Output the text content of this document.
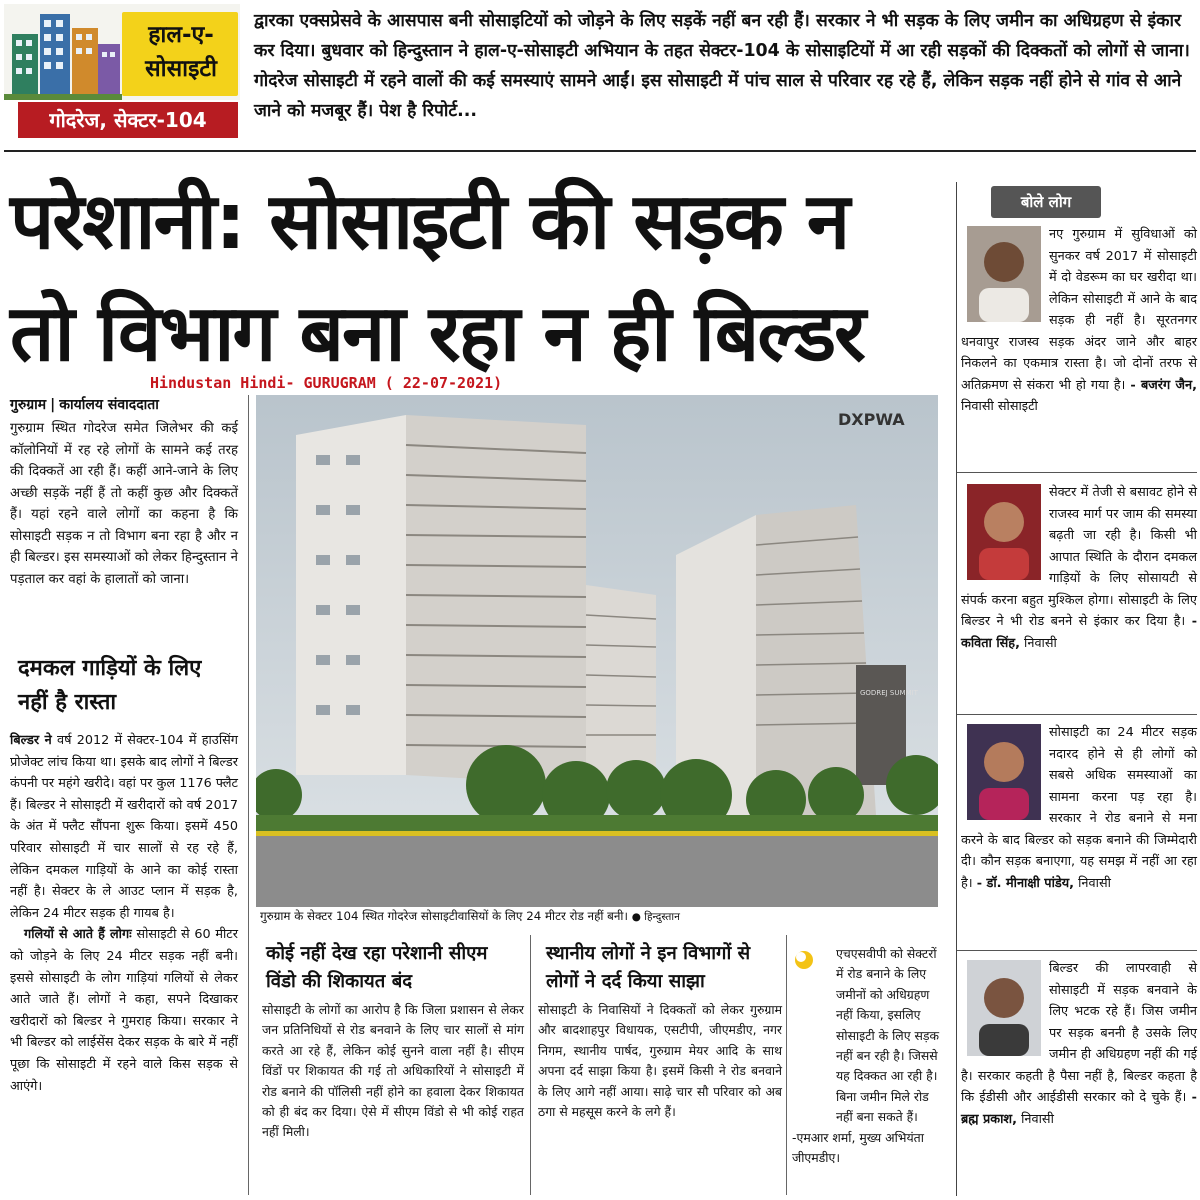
हाल-ए-सोसाइटी
गोदरेज, सेक्टर-104
द्वारका एक्सप्रेसवे के आसपास बनी सोसाइटियों को जोड़ने के लिए सड़कें नहीं बन रही हैं। सरकार ने भी सड़क के लिए जमीन का अधिग्रहण से इंकार कर दिया। बुधवार को हिन्दुस्तान ने हाल-ए-सोसाइटी अभियान के तहत सेक्टर-104 के सोसाइटियों में आ रही सड़कों की दिक्कतों को लोगों से जाना। गोदरेज सोसाइटी में रहने वालों की कई समस्याएं सामने आईं। इस सोसाइटी में पांच साल से परिवार रह रहे हैं, लेकिन सड़क नहीं होने से गांव से आने जाने को मजबूर हैं। पेश है रिपोर्ट...
परेशानी: सोसाइटी की सड़क न
तो विभाग बना रहा न ही बिल्डर
Hindustan Hindi- GURUGRAM ( 22-07-2021)
गुरुग्राम | कार्यालय संवाददाता
गुरुग्राम स्थित गोदरेज समेत जिलेभर की कई कॉलोनियों में रह रहे लोगों के सामने कई तरह की दिक्कतें आ रही हैं। कहीं आने-जाने के लिए अच्छी सड़कें नहीं हैं तो कहीं कुछ और दिक्कतें हैं। यहां रहने वाले लोगों का कहना है कि सोसाइटी सड़क न तो विभाग बना रहा है और न ही बिल्डर। इस समस्याओं को लेकर हिन्दुस्तान ने पड़ताल कर वहां के हालातों को जाना।
दमकल गाड़ियों के लिए नहीं है रास्ता
बिल्डर ने वर्ष 2012 में सेक्टर-104 में हाउसिंग प्रोजेक्ट लांच किया था। इसके बाद लोगों ने बिल्डर कंपनी पर महंगे खरीदे। वहां पर कुल 1176 फ्लैट हैं। बिल्डर ने सोसाइटी में खरीदारों को वर्ष 2017 के अंत में फ्लैट सौंपना शुरू किया। इसमें 450 परिवार सोसाइटी में चार सालों से रह रहे हैं, लेकिन दमकल गाड़ियों के आने का कोई रास्ता नहीं है। सेक्टर के ले आउट प्लान में सड़क है, लेकिन 24 मीटर सड़क ही गायब है।
गलियों से आते हैं लोगः सोसाइटी से 60 मीटर को जोड़ने के लिए 24 मीटर सड़क नहीं बनी। इससे सोसाइटी के लोग गाड़ियां गलियों से लेकर आते जाते हैं। लोगों ने कहा, सपने दिखाकर खरीदारों को बिल्डर ने गुमराह किया। सरकार ने भी बिल्डर को लाईसेंस देकर सड़क के बारे में नहीं पूछा कि सोसाइटी में रहने वाले किस सड़क से आएंगे।
GODREJ SUMMIT
DXPWA
गुरुग्राम के सेक्टर 104 स्थित गोदरेज सोसाइटीवासियों के लिए 24 मीटर रोड नहीं बनी। ● हिन्दुस्तान
कोई नहीं देख रहा परेशानी सीएम विंडो की शिकायत बंद
सोसाइटी के लोगों का आरोप है कि जिला प्रशासन से लेकर जन प्रतिनिधियों से रोड बनवाने के लिए चार सालों से मांग करते आ रहे हैं, लेकिन कोई सुनने वाला नहीं है। सीएम विंडों पर शिकायत की गई तो अधिकारियों ने सोसाइटी में रोड बनाने की पॉलिसी नहीं होने का हवाला देकर शिकायत को ही बंद कर दिया। ऐसे में सीएम विंडो से भी कोई राहत नहीं मिली।
स्थानीय लोगों ने इन विभागों से लोगों ने दर्द किया साझा
सोसाइटी के निवासियों ने दिक्कतों को लेकर गुरुग्राम और बादशाहपुर विधायक, एसटीपी, जीएमडीए, नगर निगम, स्थानीय पार्षद, गुरुग्राम मेयर आदि के साथ अपना दर्द साझा किया है। इसमें किसी ने रोड बनवाने के लिए आगे नहीं आया। साढ़े चार सौ परिवार को अब ठगा से महसूस करने के लगे हैं।
एचएसवीपी को सेक्टरों में रोड बनाने के लिए जमीनों को अधिग्रहण नहीं किया, इसलिए सोसाइटी के लिए सड़क नहीं बन रही है। जिससे यह दिक्कत आ रही है। बिना जमीन मिले रोड नहीं बना सकते हैं।
-एमआर शर्मा, मुख्य अभियंता जीएमडीए।
बोले लोग
नए गुरुग्राम में सुविधाओं को सुनकर वर्ष 2017 में सोसाइटी में दो वेडरूम का घर खरीदा था। लेकिन सोसाइटी में आने के बाद सड़क ही नहीं है। सूरतनगर धनवापुर राजस्व सड़क अंदर जाने और बाहर निकलने का एकमात्र रास्ता है। जो दोनों तरफ से अतिक्रमण से संकरा भी हो गया है। - बजरंग जैन, निवासी सोसाइटी
सेक्टर में तेजी से बसावट होने से राजस्व मार्ग पर जाम की समस्या बढ़ती जा रही है। किसी भी आपात स्थिति के दौरान दमकल गाड़ियों के लिए सोसायटी से संपर्क करना बहुत मुश्किल होगा। सोसाइटी के लिए बिल्डर ने भी रोड बनने से इंकार कर दिया है। - कविता सिंह, निवासी
सोसाइटी का 24 मीटर सड़क नदारद होने से ही लोगों को सबसे अधिक समस्याओं का सामना करना पड़ रहा है। सरकार ने रोड बनाने से मना करने के बाद बिल्डर को सड़क बनाने की जिम्मेदारी दी। कौन सड़क बनाएगा, यह समझ में नहीं आ रहा है। - डॉ. मीनाक्षी पांडेय, निवासी
बिल्डर की लापरवाही से सोसाइटी में सड़क बनवाने के लिए भटक रहे हैं। जिस जमीन पर सड़क बननी है उसके लिए जमीन ही अधिग्रहण नहीं की गई है। सरकार कहती है पैसा नहीं है, बिल्डर कहता है कि ईडीसी और आईडीसी सरकार को दे चुके हैं। - ब्रह्म प्रकाश, निवासी
